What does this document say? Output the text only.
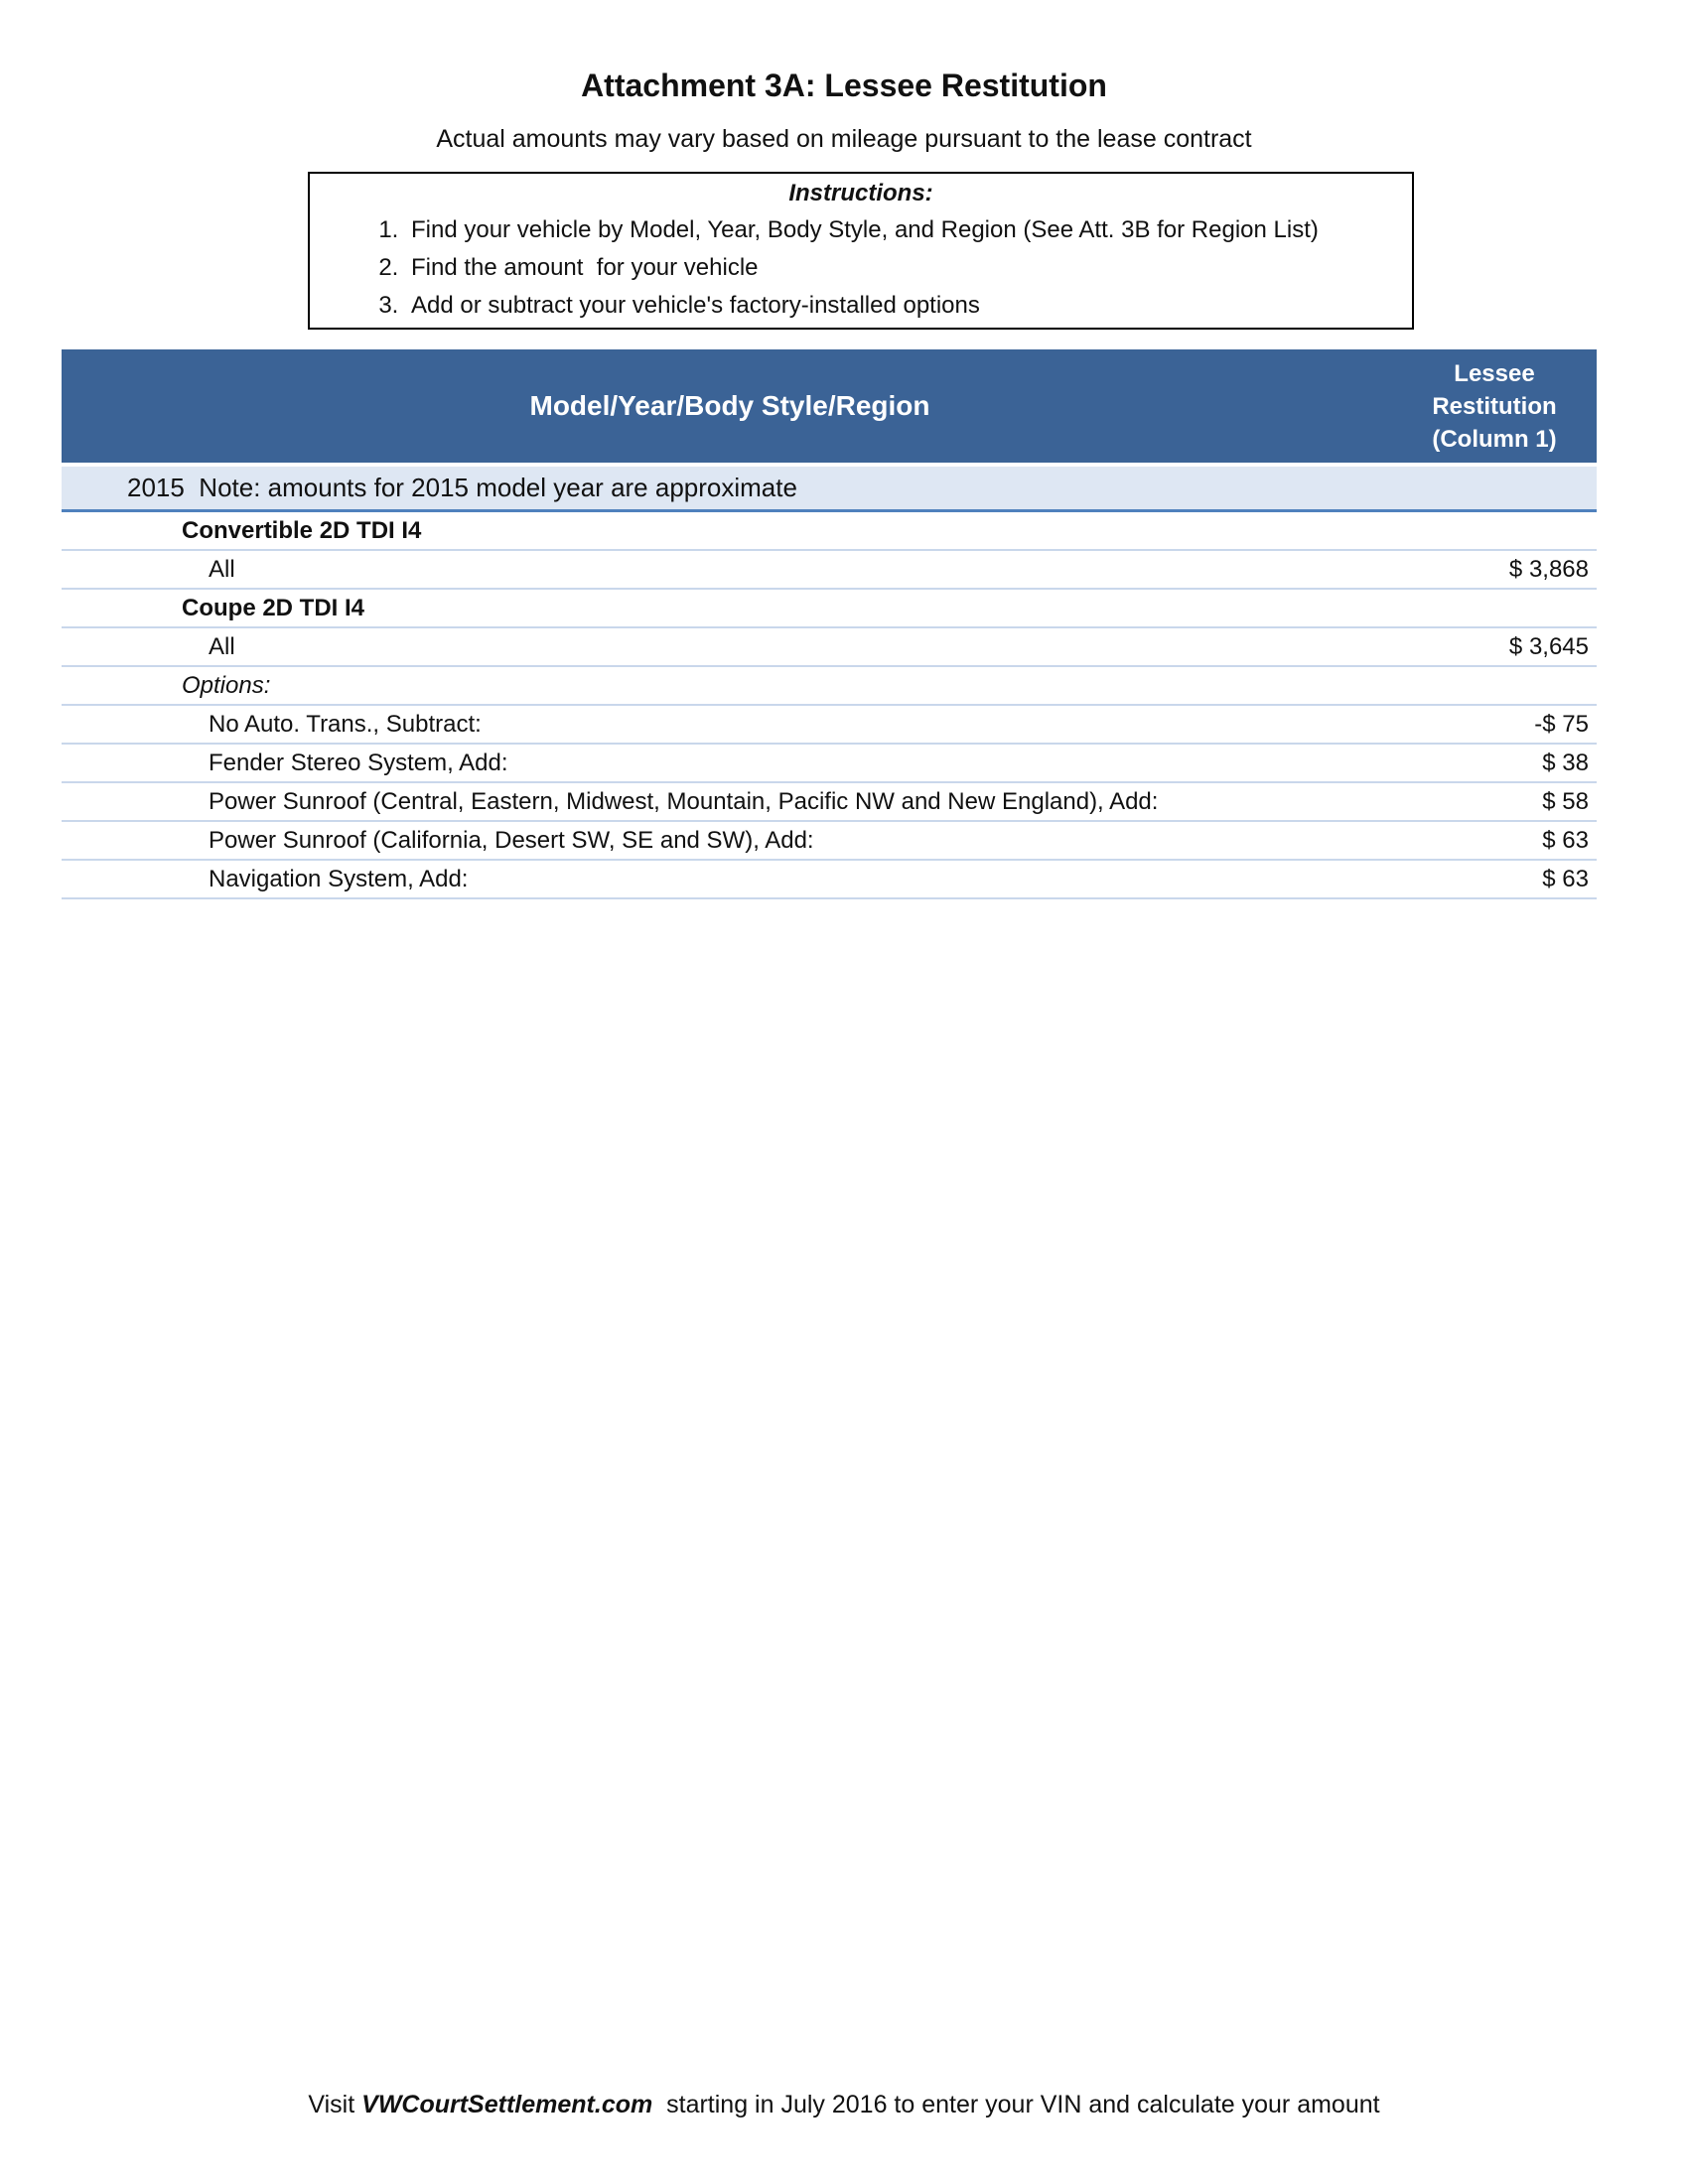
Attachment 3A: Lessee Restitution
Actual amounts may vary based on mileage pursuant to the lease contract
Instructions:
1. Find your vehicle by Model, Year, Body Style, and Region (See Att. 3B for Region List)
2. Find the amount  for your vehicle
3. Add or subtract your vehicle's factory-installed options
Model/Year/Body Style/Region
Lessee
Restitution
(Column 1)
2015  Note: amounts for 2015 model year are approximate
Convertible 2D TDI I4
All	$ 3,868
Coupe 2D TDI I4
All	$ 3,645
Options:
No Auto. Trans., Subtract:	-$ 75
Fender Stereo System, Add:	$ 38
Power Sunroof (Central, Eastern, Midwest, Mountain, Pacific NW and New England), Add:	$ 58
Power Sunroof (California, Desert SW, SE and SW), Add:	$ 63
Navigation System, Add:	$ 63
Visit VWCourtSettlement.com  starting in July 2016 to enter your VIN and calculate your amount
